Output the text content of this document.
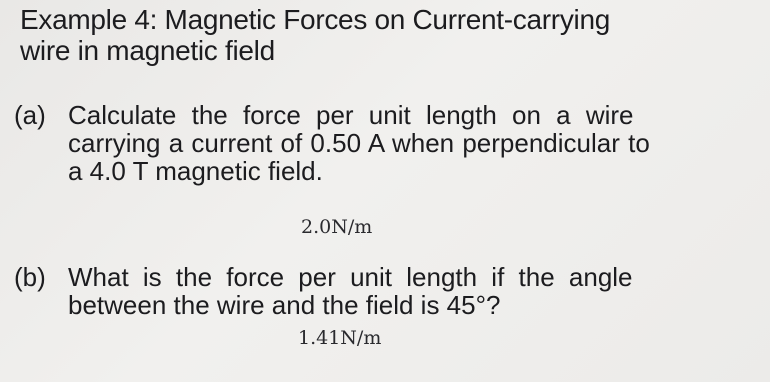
Example 4: Magnetic Forces on Current-carrying
wire in magnetic field
(a) Calculate the force per unit length on a wire
carrying a current of 0.50 A when perpendicular to
a 4.0 T magnetic field.
2.0N/m
(b) What is the force per unit length if the angle
between the wire and the field is 45°?
1.41N/m
